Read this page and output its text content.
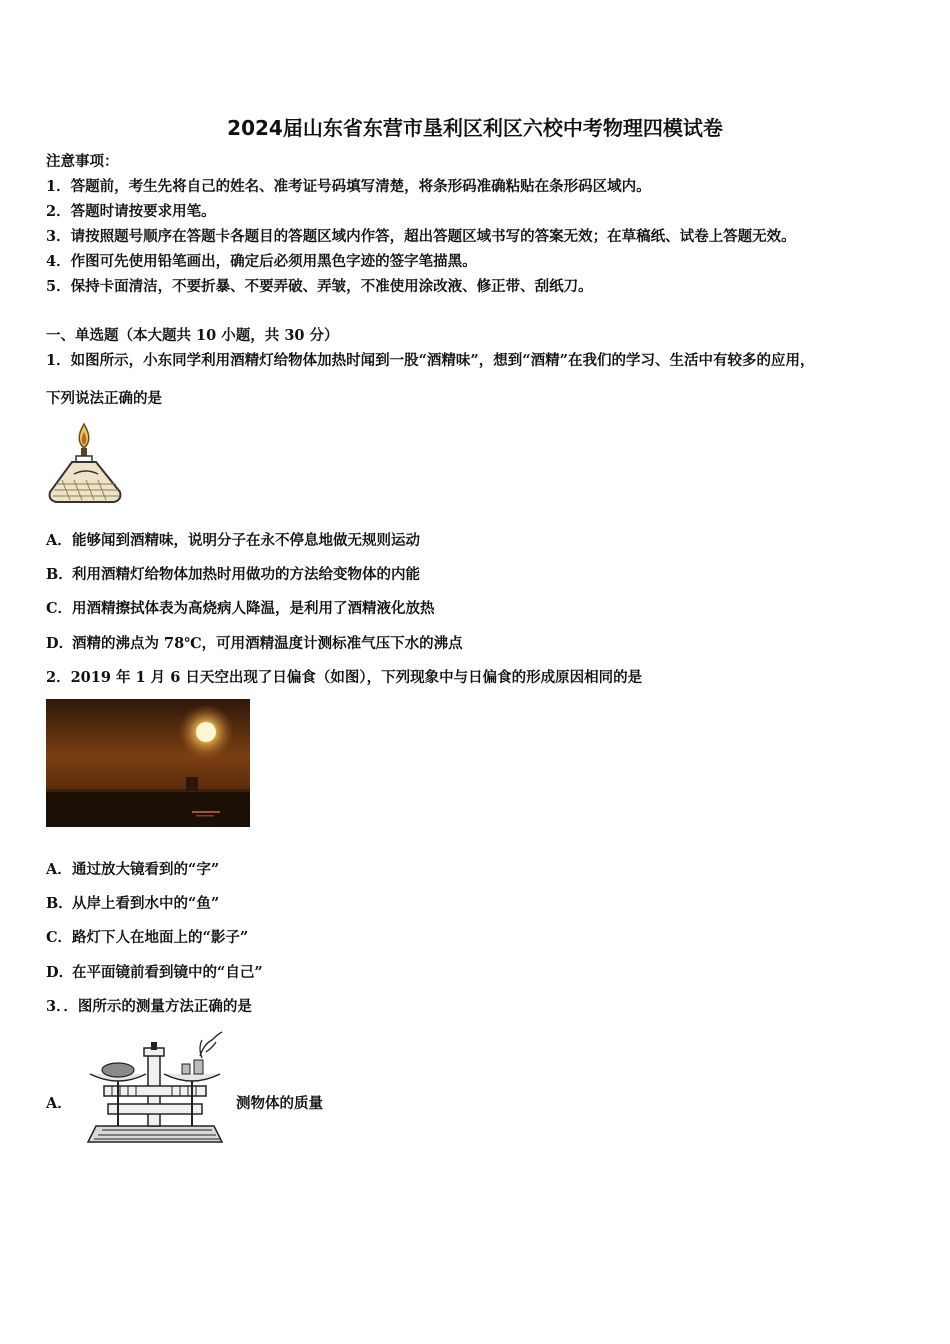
2024届山东省东营市垦利区利区六校中考物理四模试卷
注意事项：
1．答题前，考生先将自己的姓名、准考证号码填写清楚，将条形码准确粘贴在条形码区域内。
2．答题时请按要求用笔。
3．请按照题号顺序在答题卡各题目的答题区域内作答，超出答题区域书写的答案无效；在草稿纸、试卷上答题无效。
4．作图可先使用铅笔画出，确定后必须用黑色字迹的签字笔描黑。
5．保持卡面清洁，不要折暴、不要弄破、弄皱，不准使用涂改液、修正带、刮纸刀。
一、单选题（本大题共 10 小题，共 30 分）
1．如图所示，小东同学利用酒精灯给物体加热时闻到一股“酒精味”，想到“酒精”在我们的学习、生活中有较多的应用，
下列说法正确的是
A．能够闻到酒精味，说明分子在永不停息地做无规则运动
B．利用酒精灯给物体加热时用做功的方法给变物体的内能
C．用酒精擦拭体表为高烧病人降温，是利用了酒精液化放热
D．酒精的沸点为 78℃，可用酒精温度计测标准气压下水的沸点
2．2019 年 1 月 6 日天空出现了日偏食（如图），下列现象中与日偏食的形成原因相同的是
A．通过放大镜看到的“字”
B．从岸上看到水中的“鱼”
C．路灯下人在地面上的“影子”
D．在平面镜前看到镜中的“自己”
3．．图所示的测量方法正确的是
A．	测物体的质量
